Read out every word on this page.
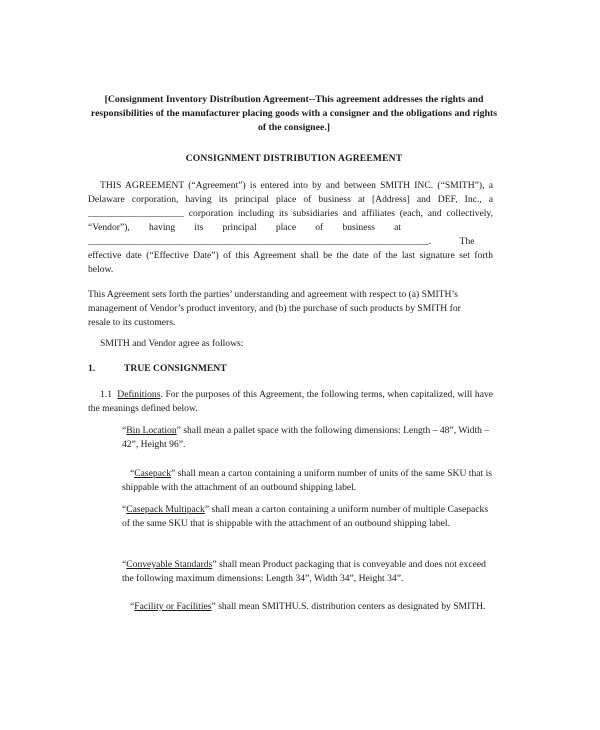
[Consignment Inventory Distribution Agreement--This agreement addresses the rights and responsibilities of the manufacturer placing goods with a consigner and the obligations and rights of the consignee.]
CONSIGNMENT DISTRIBUTION AGREEMENT
THIS AGREEMENT (“Agreement”) is entered into by and between SMITH INC. (“SMITH”), a
Delaware corporation, having its principal place of business at [Address] and DEF, Inc., a
____________________ corporation including its subsidiaries and affiliates (each, and collectively,
“Vendor”),        having        its        principal        place        of        business        at
_______________________________________________________________________.            The
effective date (“Effective Date”) of this Agreement shall be the date of the last signature set forth
below.

This Agreement sets forth the parties’ understanding and agreement with respect to (a) SMITH’s management of Vendor’s product inventory, and (b) the purchase of such products by SMITH for resale to its customers.

SMITH and Vendor agree as follows:

1.	TRUE CONSIGNMENT

1.1 Definitions. For the purposes of this Agreement, the following terms, when capitalized, will have the meanings defined below.

“Bin Location” shall mean a pallet space with the following dimensions: Length – 48”, Width – 42”, Height 96”.

“Casepack” shall mean a carton containing a uniform number of units of the same SKU that is shippable with the attachment of an outbound shipping label.

“Casepack Multipack” shall mean a carton containing a uniform number of multiple Casepacks of the same SKU that is shippable with the attachment of an outbound shipping label.

“Conveyable Standards” shall mean Product packaging that is conveyable and does not exceed the following maximum dimensions: Length 34”, Width 34”, Height 34”.

“Facility or Facilities” shall mean SMITHU.S. distribution centers as designated by SMITH.
